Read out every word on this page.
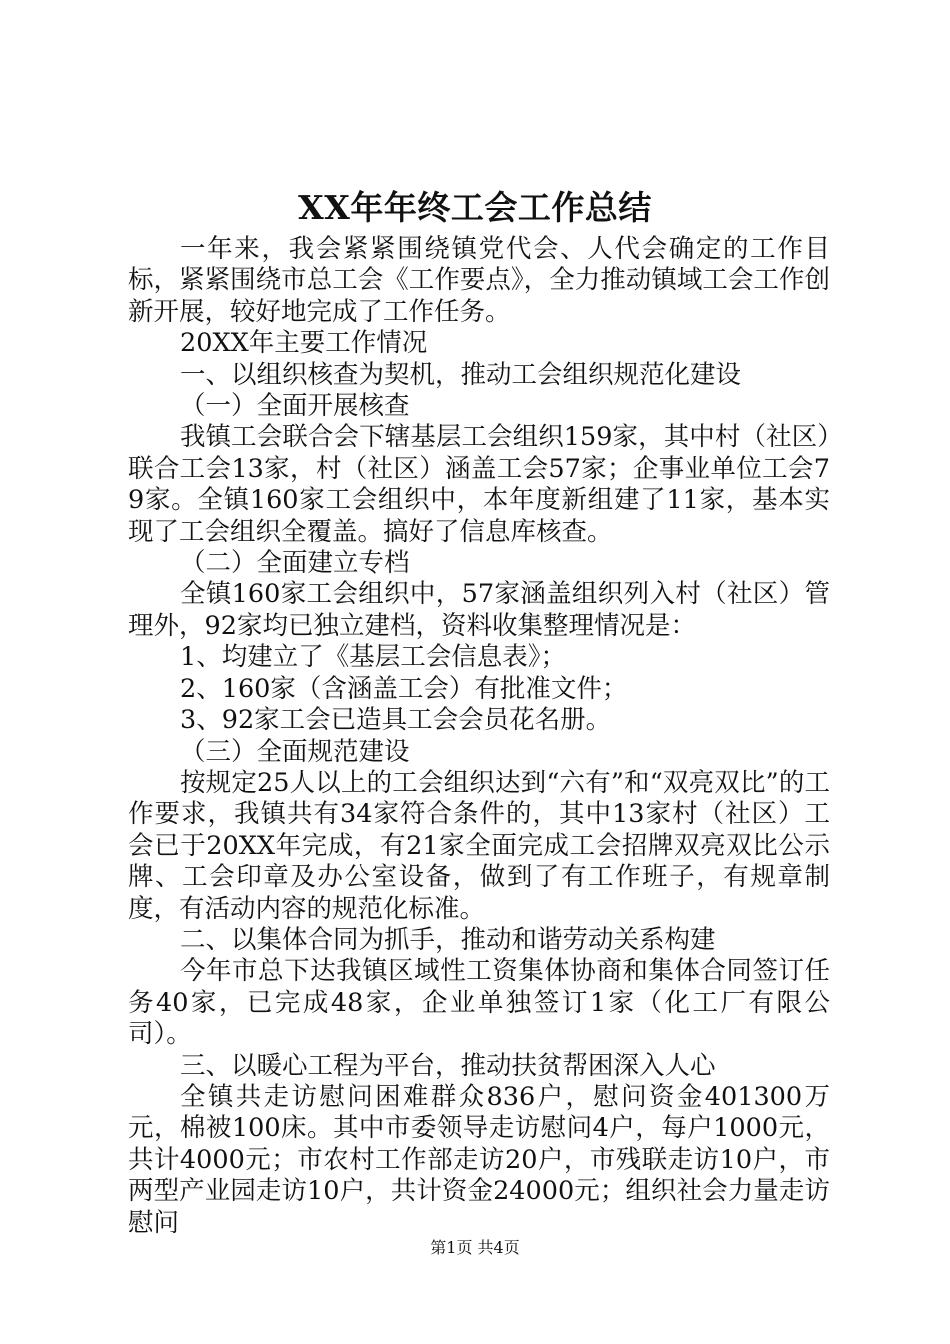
XX年年终工会工作总结

一年来，我会紧紧围绕镇党代会、人代会确定的工作目标，紧紧围绕市总工会《工作要点》，全力推动镇域工会工作创新开展，较好地完成了工作任务。

20XX年主要工作情况

一、以组织核查为契机，推动工会组织规范化建设

（一）全面开展核查

我镇工会联合会下辖基层工会组织159家，其中村（社区）联合工会13家，村（社区）涵盖工会57家；企事业单位工会79家。全镇160家工会组织中，本年度新组建了11家，基本实现了工会组织全覆盖。搞好了信息库核查。

（二）全面建立专档

全镇160家工会组织中，57家涵盖组织列入村（社区）管理外，92家均已独立建档，资料收集整理情况是：

1、均建立了《基层工会信息表》；

2、160家（含涵盖工会）有批准文件；

3、92家工会已造具工会会员花名册。

（三）全面规范建设

按规定25人以上的工会组织达到“六有”和“双亮双比”的工作要求，我镇共有34家符合条件的，其中13家村（社区）工会已于20XX年完成，有21家全面完成工会招牌双亮双比公示牌、工会印章及办公室设备，做到了有工作班子，有规章制度，有活动内容的规范化标准。

二、以集体合同为抓手，推动和谐劳动关系构建

今年市总下达我镇区域性工资集体协商和集体合同签订任务40家，已完成48家，企业单独签订1家（化工厂有限公司）。

三、以暖心工程为平台，推动扶贫帮困深入人心

全镇共走访慰问困难群众836户，慰问资金401300万元，棉被100床。其中市委领导走访慰问4户，每户1000元，共计4000元；市农村工作部走访20户，市残联走访10户，市两型产业园走访10户，共计资金24000元；组织社会力量走访慰问

第1页 共4页
